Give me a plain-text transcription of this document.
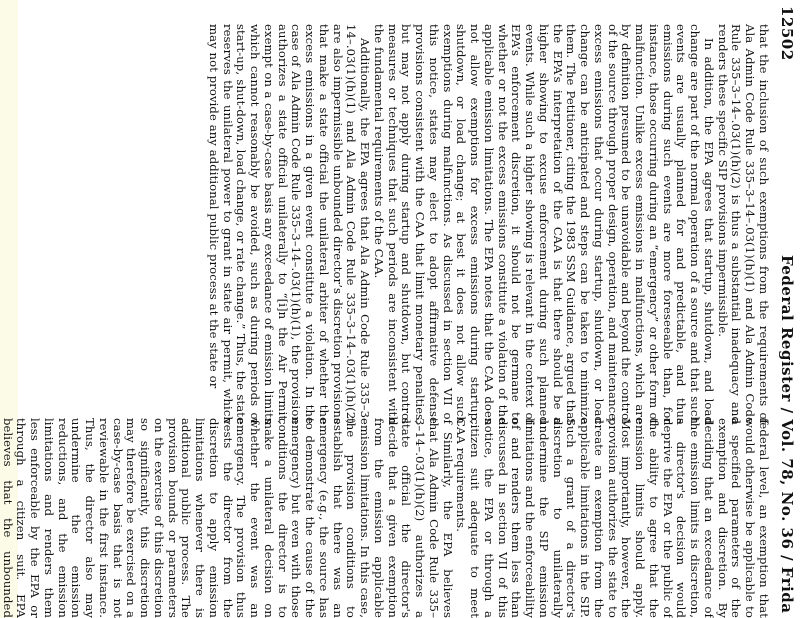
12502
Federal Register / Vol. 78, No. 36 / Frida

that the inclusion of such exemptions from the requirements of Ala Admin Code Rule 335–3–14–.03(1)(h)(1) and Ala Admin Code Rule 335–3–14–.03(1)(h)(2) is thus a substantial inadequacy and renders these specific SIP provisions impermissible.

In addition, the EPA agrees that startup, shutdown, and load change are part of the normal operation of a source and that such events are usually planned for and predictable, and thus emissions during such events are more foreseeable than, for instance, those occurring during an “emergency” or other form of malfunction. Unlike excess emissions in malfunctions, which are by definition presumed to be unavoidable and beyond the control of the source through proper design, operation, and maintenance, excess emissions that occur during startup, shutdown, or load change can be anticipated and steps can be taken to minimize them. The Petitioner, citing the 1983 SSM Guidance, argued that the EPA’s interpretation of the CAA is that there should be a higher showing to excuse enforcement during such planned events. While such a higher showing is relevant in the context of EPA’s enforcement discretion, it should not be germane to whether or not the excess emissions constitute a violation of the applicable emission limitations. The EPA notes that the CAA does not allow exemptions for excess emissions during startup, shutdown, or load change; at best it does not allow such exemptions during malfunctions. As discussed in section VII of this notice, states may elect to adopt affirmative defense provisions consistent with the CAA that limit monetary penalties, but may not apply during startup and shutdown, but control measures or techniques that such periods are inconsistent with the fundamental requirements of the CAA.

Additionally, the EPA agrees that Ala Admin Code Rule 335–3–14–.03(1)(h)(1) and Ala Admin Code Rule 335–3–14–.03(1)(h)(2) are also impermissible unbounded director’s discretion provisions that make a state official the unilateral arbiter of whether the excess emissions in a given event constitute a violation. In the case of Ala Admin Code Rule 335–3–14–.03(1)(h)(1), the provision authorizes a state official unilaterally to “[i]n the Air Permit, exempt on a case-by-case basis any exceedance of emission limits which cannot reasonably be avoided, such as during periods of start-up, shut-down, load change, or rate change.” Thus, the state reserves the unilateral power to grant in state air permit, which may not provide any additional public process at the state or

federal level, an exemption that would otherwise be applicable to a specified parameters of the exemption and discretion. By deciding that an exceedance of the emission limits is discretion, a director's decision would deprive the EPA or the public of the ability to agree that the emission limits should apply. Most importantly, however, the provision authorizes the state to create an exemption from the applicable limitations in the SIP. Such a grant of a director's discretion to unilaterally undermine the SIP emission limitations and the enforceability of and renders them less than discussed in section VII of this notice, the EPA or through a citizen suit adequate to meet CAA requirements.

Similarly, the EPA believes that Ala Admin Code Rule 335–3–14–.03(1)(h)(2) authorizes a state official the director's decide that a given exemption from the emission applicable emission limitations. In this case, the provision conditions to establish that there was an emergency (e.g., the source has to demonstrate the cause of the emergency) but even with those conditions the director is to make a unilateral decision on whether the event was an emergency. The provision thus vests the director from the discretion to apply emission limitations whenever there is additional public process. The provision bounds or parameters on the exercise of this discretion so significantly, this discretion may therefore be exercised on a case-by-case basis that is not reviewable in the first instance. Thus, the director also may undermine the emission reductions, and the emission limitations and renders them less enforceable by the EPA or through a citizen suit. EPA believes that the unbounded
